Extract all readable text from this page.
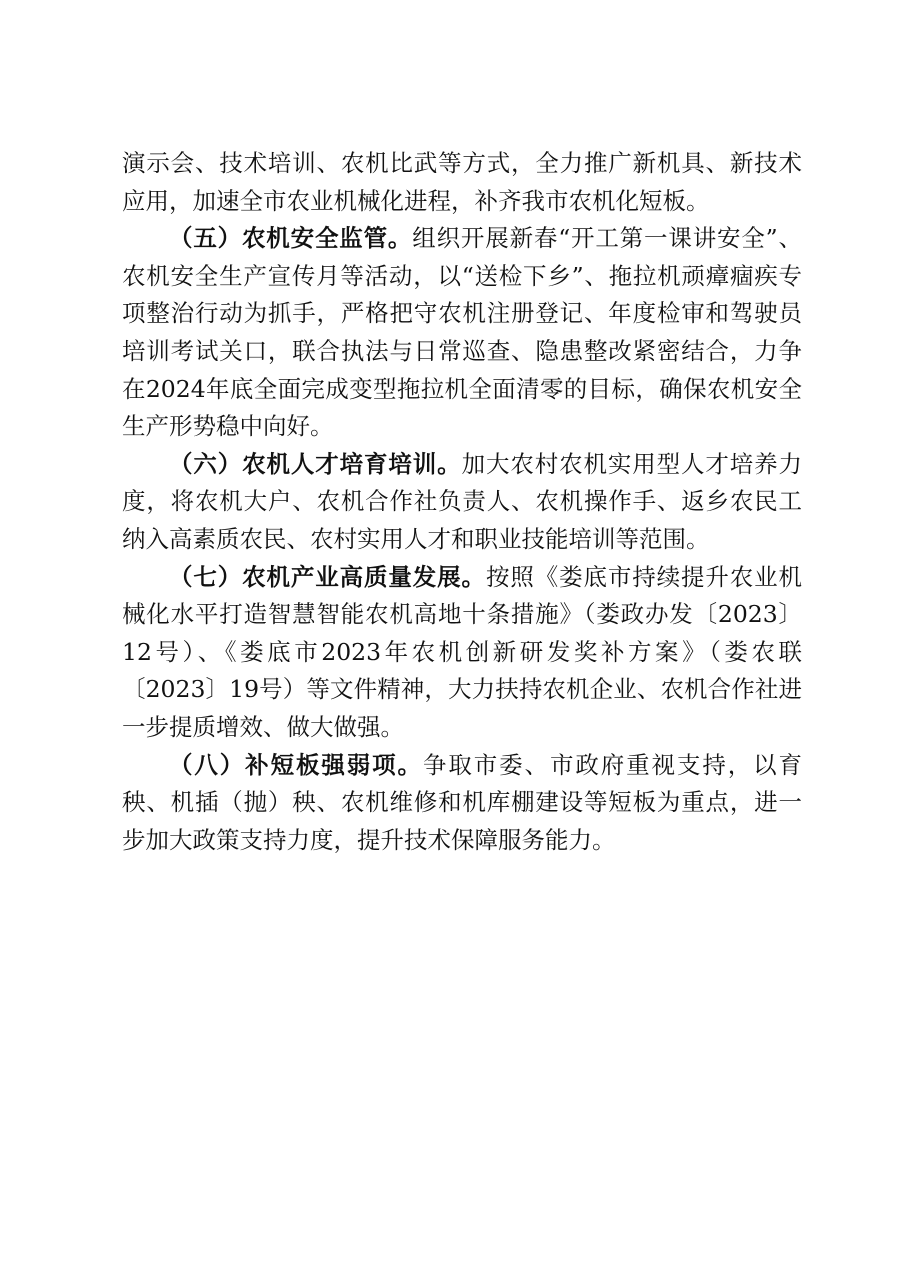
演示会、技术培训、农机比武等方式，全力推广新机具、新技术应用，加速全市农业机械化进程，补齐我市农机化短板。

（五）农机安全监管。组织开展新春“开工第一课讲安全”、农机安全生产宣传月等活动，以“送检下乡”、拖拉机顽瘴痼疾专项整治行动为抓手，严格把守农机注册登记、年度检审和驾驶员培训考试关口，联合执法与日常巡查、隐患整改紧密结合，力争在2024年底全面完成变型拖拉机全面清零的目标，确保农机安全生产形势稳中向好。

（六）农机人才培育培训。加大农村农机实用型人才培养力度，将农机大户、农机合作社负责人、农机操作手、返乡农民工纳入高素质农民、农村实用人才和职业技能培训等范围。

（七）农机产业高质量发展。按照《娄底市持续提升农业机械化水平打造智慧智能农机高地十条措施》（娄政办发〔2023〕12号）、《娄底市2023年农机创新研发奖补方案》（娄农联〔2023〕19号）等文件精神，大力扶持农机企业、农机合作社进一步提质增效、做大做强。

（八）补短板强弱项。争取市委、市政府重视支持，以育秧、机插（抛）秧、农机维修和机库棚建设等短板为重点，进一步加大政策支持力度，提升技术保障服务能力。
